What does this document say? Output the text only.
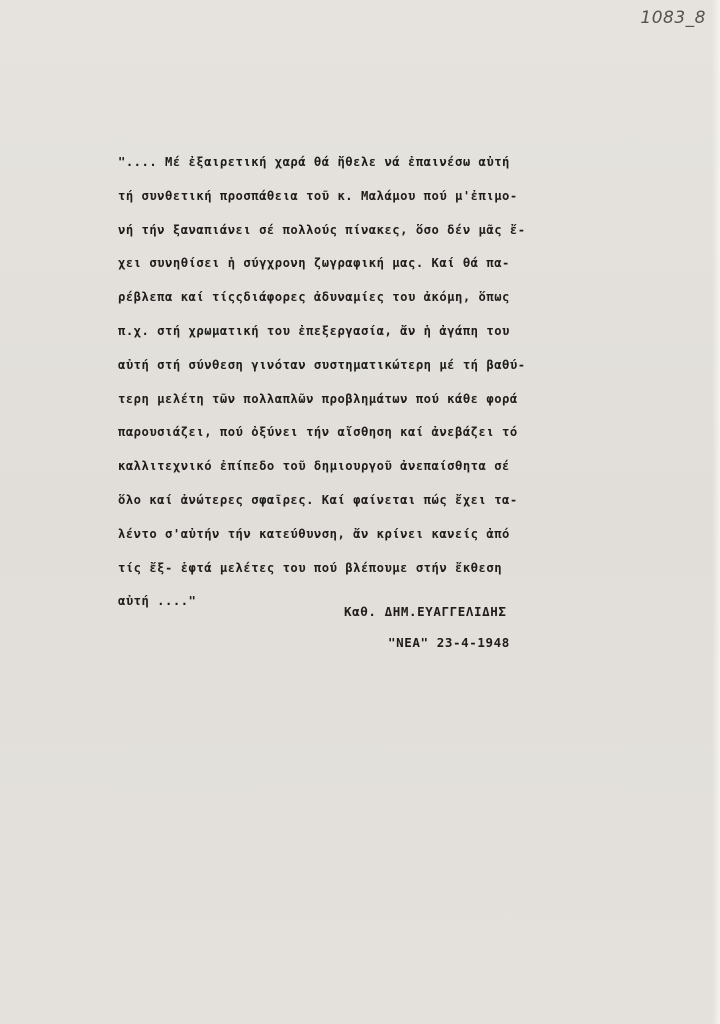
1083_8
".... Μέ ἐξαιρετική χαρά θά ἤθελε νά ἐπαινέσω αὐτή
τή συνθετική προσπάθεια τοῦ κ. Μαλάμου πού μ'ἐπιμο-
νή τήν ξαναπιάνει σέ πολλούς πίνακες, ὅσο δέν μᾶς ἔ-
χει συνηθίσει ἡ σύγχρονη ζωγραφική μας. Καί θά πα-
ρέβλεπα καί τίςςδιάφορες ἀδυναμίες του ἀκόμη, ὅπως
π.χ. στή χρωματική του ἐπεξεργασία, ἄν ἡ ἀγάπη του
αὐτή στή σύνθεση γινόταν συστηματικώτερη μέ τή βαθύ-
τερη μελέτη τῶν πολλαπλῶν προβλημάτων πού κάθε φορά
παρουσιάζει, πού ὀξύνει τήν αἴσθηση καί ἀνεβάζει τό
καλλιτεχνικό ἐπίπεδο τοῦ δημιουργοῦ ἀνεπαίσθητα σέ
ὅλο καί ἀνώτερες σφαῖρες. Καί φαίνεται πώς ἔχει τα-
λέντο σ'αὐτήν τήν κατεύθυνση, ἄν κρίνει κανείς ἀπό
τίς ἔξ- ἑφτά μελέτες του πού βλέπουμε στήν ἔκθεση
αὐτή ...."
Καθ. ΔΗΜ.ΕΥΑΓΓΕΛΙΔΗΣ
"ΝΕΑ" 23-4-1948
